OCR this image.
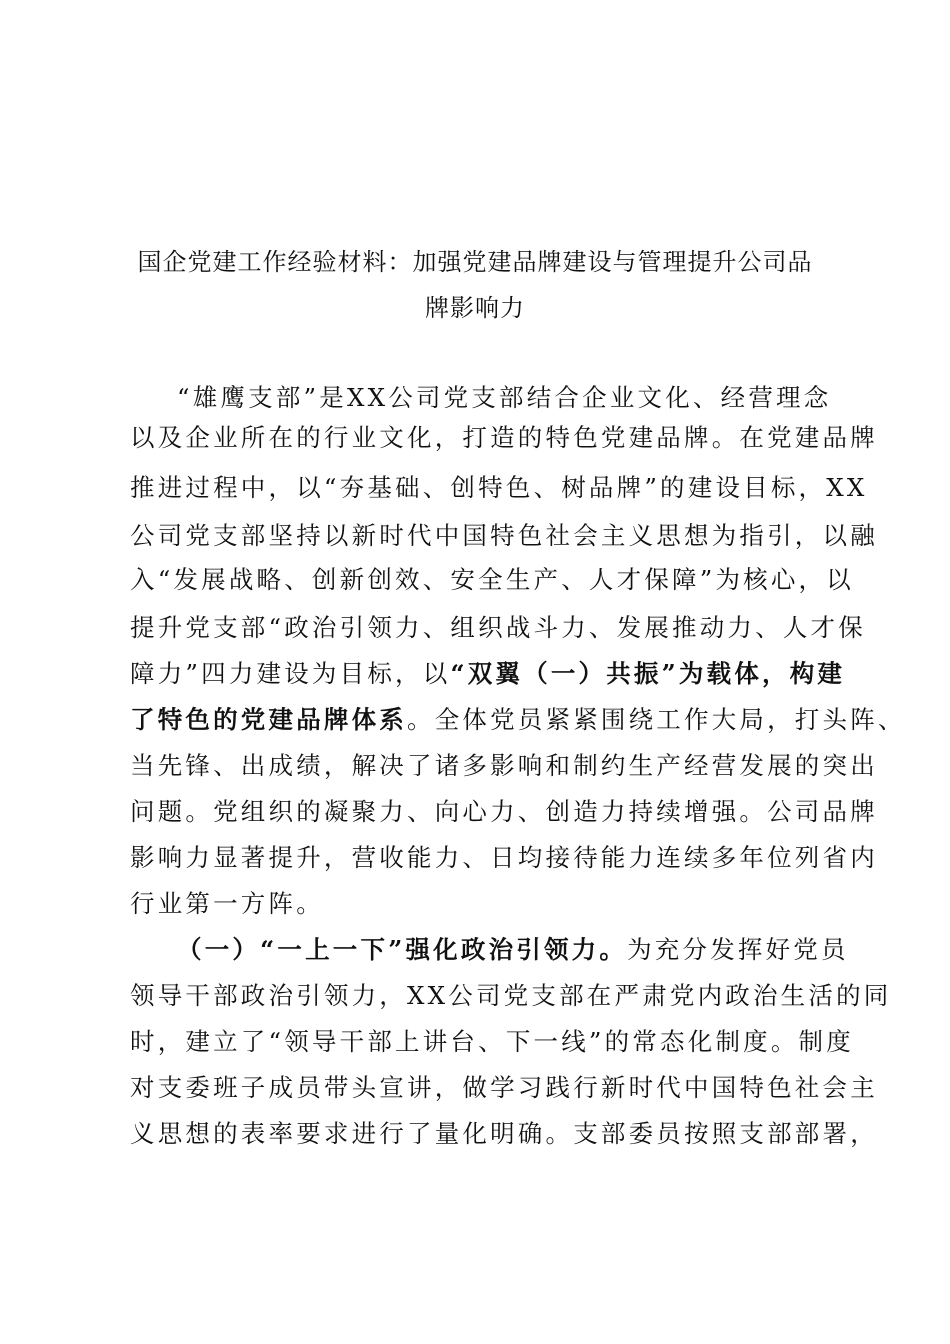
国企党建工作经验材料：加强党建品牌建设与管理提升公司品
牌影响力
“雄鹰支部”是XX公司党支部结合企业文化、经营理念
以及企业所在的行业文化，打造的特色党建品牌。在党建品牌
推进过程中，以“夯基础、创特色、树品牌”的建设目标，XX
公司党支部坚持以新时代中国特色社会主义思想为指引，以融
入“发展战略、创新创效、安全生产、人才保障”为核心，以
提升党支部“政治引领力、组织战斗力、发展推动力、人才保
障力”四力建设为目标，以“双翼（一）共振”为载体，构建
了特色的党建品牌体系。全体党员紧紧围绕工作大局，打头阵、
当先锋、出成绩，解决了诸多影响和制约生产经营发展的突出
问题。党组织的凝聚力、向心力、创造力持续增强。公司品牌
影响力显著提升，营收能力、日均接待能力连续多年位列省内
行业第一方阵。
（一）“一上一下”强化政治引领力。为充分发挥好党员
领导干部政治引领力，XX公司党支部在严肃党内政治生活的同
时，建立了“领导干部上讲台、下一线”的常态化制度。制度
对支委班子成员带头宣讲，做学习践行新时代中国特色社会主
义思想的表率要求进行了量化明确。支部委员按照支部部署，
